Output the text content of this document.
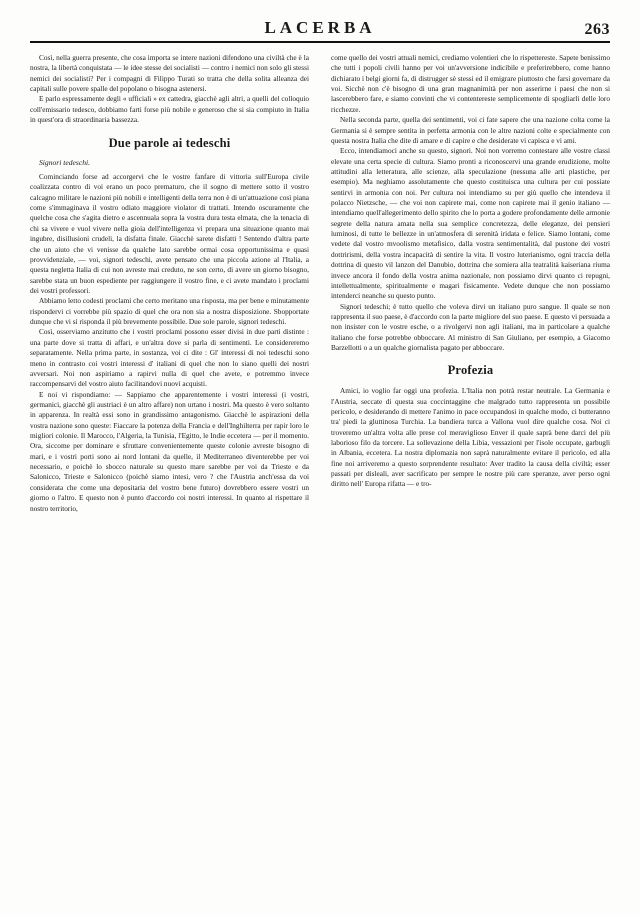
LACERBA	263

Così, nella guerra presente, che cosa importa se intere nazioni difendono una civiltà che è la nostra, la libertà conquistata — le idee stesse dei socialisti — contro i nemici non solo gli stessi nemici dei socialisti? Per i compagni di Filippo Turati so tratta che della solita alleanza dei capitali sulle povere spalle del popolano o bisogna astenersi.

E parlo espressamente degli « ufficiali » ex cattedra, giacchè agli altri, a quelli del colloquio coll'emissario tedesco, dobbiamo farti forse più nobile e generoso che si sia compiuto in Italia in quest'ora di straordinaria bassezza.

Due parole ai tedeschi

Signori tedeschi.

Cominciando forse ad accorgervi che le vostre fanfare di vittoria sull'Europa civile coalizzata contro di voi erano un poco prematuro, che il sogno di mettere sotto il vostro calcagno militare le nazioni più nobili e intelligenti della terra non è di un'attuazione così piana come s'immaginava il vostro odiato maggiore violator di trattati. Intendo oscuramente che quelche cosa che s'agita dietro e ascennuala sopra la vostra dura testa elmata, che la tenacia di chi sa vivere e vuol vivere nella gioia dell'intelligenza vi prepara una situazione quanto mai ingubre, disillusioni crudeli, la disfatta finale. Giacchè sarete disfatti ! Sentendo d'altra parte che un aiuto che vi venisse da qualche lato sarebbe ormai cosa opportunissima e quasi provvidenziale, — voi, signori tedeschi, avete pensato che una piccola azione al l'Italia, a questa negletta Italia di cui non avreste mai creduto, ne son certo, di avere un giorno bisogno, sarebbe stata un buon espediente per raggiungere il vostro fine, e ci avete mandato i proclami dei vostri professori.

Abbiamo letto codesti proclami che certo meritano una risposta, ma per bene e minutamente rispondervi ci vorrebbe più spazio di quel che ora non sia a nostra disposizione. Sbopportate dunque che vi si risponda il più brevemente possibile. Due sole parole, signori tedeschi.

Così, osserviamo anzitutto che i vostri proclami possono esser divisi in due parti distinte : una parte dove si tratta di affari, e un'altra dove si parla di sentimenti. Le considereremo separatamente. Nella prima parte, in sostanza, voi ci dite : Gl' interessi di noi tedeschi sono meno in contrasto coi vostri interessi d' italiani di quel che non lo siano quelli dei nostri avversari. Noi non aspiriamo a rapirvi nulla di quel che avete, e potremmo invece raccompensarvi del vostro aiuto facilitandovi nuovi acquisti.

E noi vi rispondiamo: — Sappiamo che apparentemente i vostri interessi (i vostri, germanici, giacchè gli austriaci è un altro affare) non urtano i nostri. Ma questo è vero soltanto in apparenza. In realtà essi sono in grandissimo antagonismo. Giacchè le aspirazioni della vostra nazione sono queste: Fiaccare la potenza della Francia e dell'Inghilterra per rapir loro le migliori colonie. Il Marocco, l'Algeria, la Tunisia, l'Egitto, le Indie eccetera — per il momento. Ora, siccome per dominare e sfruttare convenientemente queste colonie avreste bisogno di mari, e i vostri porti sono ai nord lontani da quelle, il Mediterraneo diventerebbe per voi necessario, e poichè lo sbocco naturale su questo mare sarebbe per voi da Trieste e da Salonicco, Trieste e Salonicco (poichè siamo intesi, vero ? che l'Austria anch'essa da voi considerata che come una depositaria del vostro bene futuro) dovrebbero essere vostri un giorno o l'altro. E questo non è punto d'accordo coi nostri interessi. In quanto al rispettare il nostro territorio,

come quello dei vostri attuali nemici, crediamo volentieri che lo rispettereste. Sapete benissimo che tutti i popoli civili hanno per voi un'avversione indicibile e preferirebbero, come hanno dichiarato i belgi giorni fa, di distrugger sè stessi ed il emigrare piuttosto che farsi governare da voi. Sicchè non c'è bisogno di una gran magnanimità per non asserirne i paesi che non si lascerebbero fare, e siamo convinti che vi contentereste semplicemente di spogliarli delle loro ricchezze.

Nella seconda parte, quella dei sentimenti, voi ci fate sapere che una nazione colta come la Germania si è sempre sentita in perfetta armonia con le altre nazioni colte e specialmente con questa nostra Italia che dite di amare e di capire e che desiderate vi capisca e vi ami.

Ecco, intendiamoci anche su questo, signori. Noi non vorremo contestare alle vostre classi elevate una certa specie di cultura. Siamo pronti a riconoscervi una grande erudizione, molte attitudini alla letteratura, alle scienze, alla speculazione (nessuna alle arti plastiche, per esempio). Ma neghiamo assolutamente che questo costituisca una cultura per cui possiate sentirvi in armonia con noi. Per cultura noi intendiamo su per giù quello che intendeva il polacco Nietzsche, — che voi non capirete mai, come non capirete mai il genio italiano — intendiamo quell'allegerimento dello spirito che lo porta a godere profondamente delle armonie segrete della natura amata nella sua semplice concretezza, delle eleganze, dei pensieri luminosi, di tutte le bellezze in un'atmosfera di serenità iridata e felice. Siamo lontani, come vedete dal vostro mvoolismo metafisico, dalla vostra sentimentalità, dal pustone dei vostri dottrirismi, della vostra incapacità di sentire la vita. Il vostro luterianismo, ogni traccia della dottrina di questo vil lanzon del Danubio, dottrina che somiera alla teatralità kaiseriana riuma invece ancora il fondo della vostra anima nazionale, non possiamo dirvi quanto ci repugni, intellettualmente, spiritualmente e magari fisicamente. Vedete dunque che non possiamo intenderci neanche su questo punto.

Signori tedeschi; è tutto quello che voleva dirvi un italiano puro sangue. Il quale se non rappresenta il suo paese, è d'accordo con la parte migliore del suo paese. E questo vi persuada a non insister con le vostre esche, o a rivolgervi non agli italiani, ma in particolare a qualche italiano che forse potrebbe obboccare. Al ministro di San Giuliano, per esempio, a Giacomo Barzellotti o a un qualche giornalista pagato per abboccare.

Profezia

Amici, io voglio far oggi una profezia. L'Italia non potrà restar neutrale. La Germania e l'Austria, seccate di questa sua coccintaggine che malgrado tutto rappresenta un possibile pericolo, e desiderando di mettere l'animo in pace occupandosi in qualche modo, ci butteranno tra' piedi la gluttinosa Turchia. La bandiera turca a Vallona vuol dire qualche cosa. Noi ci troveremo un'altra volta alle prese col meraviglioso Enver il quale saprà bene darci del più laborioso filo da torcere. La sollevazione della Libia, vessazioni per l'isole occupate, garbugli in Albania, eccetera. La nostra diplomazia non saprà naturalmente evitare il pericolo, ed alla fine noi arriveremo a questo sorprendente resultato: Aver tradito la causa della civiltà; esser passati per disleali, aver sacrificato per sempre le nostre più care speranze, aver perso ogni diritto nell' Europa rifatta — e tro-
